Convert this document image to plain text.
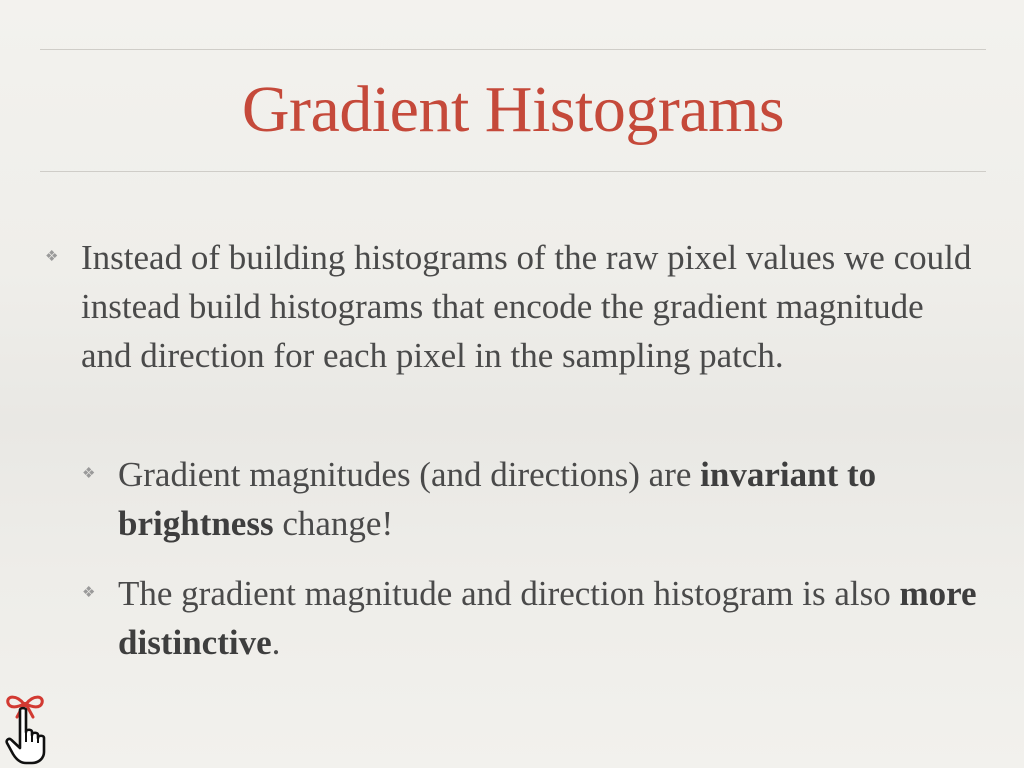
Gradient Histograms
❖ Instead of building histograms of the raw pixel values we could instead build histograms that encode the gradient magnitude and direction for each pixel in the sampling patch.
❖ Gradient magnitudes (and directions) are invariant to brightness change!
❖ The gradient magnitude and direction histogram is also more distinctive.
